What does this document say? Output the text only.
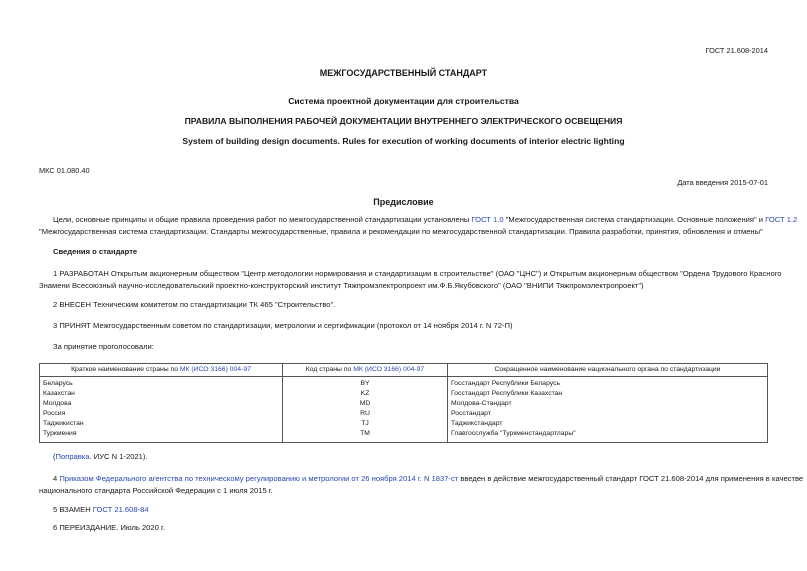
ГОСТ 21.608-2014
МЕЖГОСУДАРСТВЕННЫЙ СТАНДАРТ
Система проектной документации для строительства
ПРАВИЛА ВЫПОЛНЕНИЯ РАБОЧЕЙ ДОКУМЕНТАЦИИ ВНУТРЕННЕГО ЭЛЕКТРИЧЕСКОГО ОСВЕЩЕНИЯ
System of building design documents. Rules for execution of working documents of interior electric lighting
МКС 01.080.40
Дата введения 2015-07-01
Предисловие
Цели, основные принципы и общие правила проведения работ по межгосударственной стандартизации установлены ГОСТ 1.0 "Межгосударственная система стандартизации. Основные положения" и ГОСТ 1.2
"Межгосударственная система стандартизации. Стандарты межгосударственные, правила и рекомендации по межгосударственной стандартизации. Правила разработки, принятия, обновления и отмены"
Сведения о стандарте
1 РАЗРАБОТАН Открытым акционерным обществом "Центр методологии нормирования и стандартизации в строительстве" (ОАО "ЦНС") и Открытым акционерным обществом "Ордена Трудового Красного
Знамени Всесоюзный научно-исследовательский проектно-конструкторский институт Тяжпромэлектропроект им.Ф.Б.Якубовского" (ОАО "ВНИПИ Тяжпромэлектропроект")
2 ВНЕСЕН Техническим комитетом по стандартизации ТК 465 "Строительство".
3 ПРИНЯТ Межгосударственным советом по стандартизации, метрологии и сертификации (протокол от 14 ноября 2014 г. N 72-П)
За принятие проголосовали:
Краткое наименование страны по МК (ИСО 3166) 004-97	Код страны по МК (ИСО 3166) 004-97	Сокращенное наименование национального органа по стандартизации
Беларусь	BY	Госстандарт Республики Беларусь
Казахстан	KZ	Госстандарт Республики Казахстан
Молдова	MD	Молдова-Стандарт
Россия	RU	Росстандарт
Таджикистан	TJ	Таджикстандарт
Туркмения	TM	Главгосслужба "Туркменстандартлары"
(Поправка. ИУС N 1-2021).
4 Приказом Федерального агентства по техническому регулированию и метрологии от 26 ноября 2014 г. N 1837-ст введен в действие межгосударственный стандарт ГОСТ 21.608-2014 для применения в качестве
национального стандарта Российской Федерации с 1 июля 2015 г.
5 ВЗАМЕН ГОСТ 21.608-84
6 ПЕРЕИЗДАНИЕ. Июль 2020 г.
